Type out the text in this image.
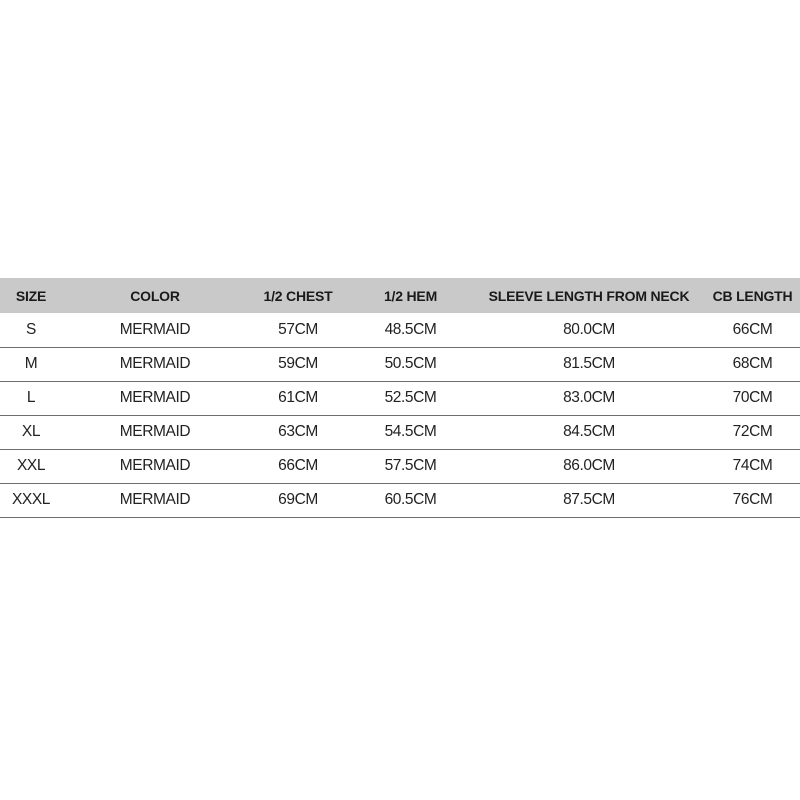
SIZE	COLOR	1/2 CHEST	1/2 HEM	SLEEVE LENGTH FROM NECK	CB LENGTH
S	MERMAID	57CM	48.5CM	80.0CM	66CM
M	MERMAID	59CM	50.5CM	81.5CM	68CM
L	MERMAID	61CM	52.5CM	83.0CM	70CM
XL	MERMAID	63CM	54.5CM	84.5CM	72CM
XXL	MERMAID	66CM	57.5CM	86.0CM	74CM
XXXL	MERMAID	69CM	60.5CM	87.5CM	76CM
